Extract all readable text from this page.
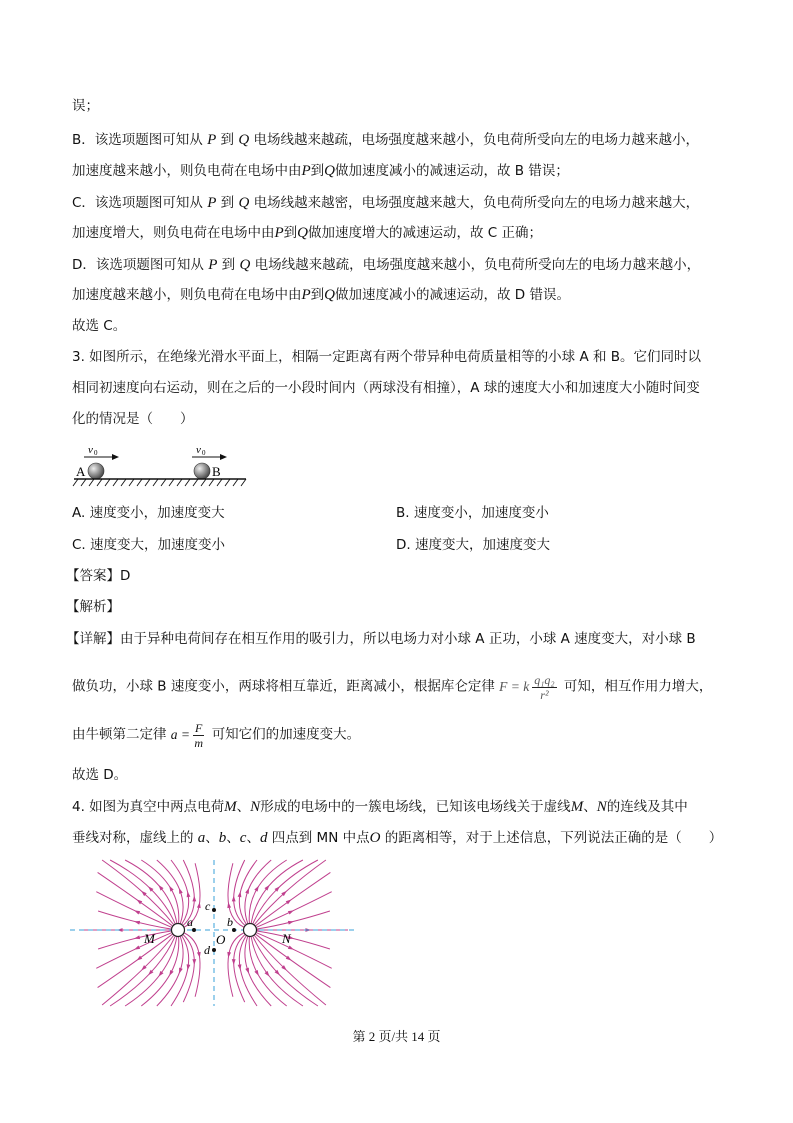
误；
B．该选项题图可知从 P 到 Q 电场线越来越疏，电场强度越来越小，负电荷所受向左的电场力越来越小，
加速度越来越小，则负电荷在电场中由P到Q做加速度减小的减速运动，故 B 错误；
C．该选项题图可知从 P 到 Q 电场线越来越密，电场强度越来越大，负电荷所受向左的电场力越来越大，
加速度增大，则负电荷在电场中由P到Q做加速度增大的减速运动，故 C 正确；
D．该选项题图可知从 P 到 Q 电场线越来越疏，电场强度越来越小，负电荷所受向左的电场力越来越小，
加速度越来越小，则负电荷在电场中由P到Q做加速度减小的减速运动，故 D 错误。
故选 C。
3. 如图所示，在绝缘光滑水平面上，相隔一定距离有两个带异种电荷质量相等的小球 A 和 B。它们同时以
相同初速度向右运动，则在之后的一小段时间内（两球没有相撞），A 球的速度大小和加速度大小随时间变
化的情况是（　　）
v 0	v 0
A	B
A. 速度变小，加速度变大	B. 速度变小，加速度变小
C. 速度变大，加速度变小	D. 速度变大，加速度变大
【答案】D
【解析】
【详解】由于异种电荷间存在相互作用的吸引力，所以电场力对小球 A 正功，小球 A 速度变大，对小球 B
做负功，小球 B 速度变小，两球将相互靠近，距离减小，根据库仑定律 F = k $\frac{\text{q₁q₂}}{\text{r²}}$ 可知，相互作用力增大，
由牛顿第二定律 $a = \frac{F}{m}$ 可知它们的加速度变大。
故选 D。
4. 如图为真空中两点电荷M、N形成的电场中的一簇电场线，已知该电场线关于虚线M、N的连线及其中
垂线对称，虚线上的 a、b、c、d 四点到 MN 中点O 的距离相等，对于上述信息，下列说法正确的是（　　）
M	N
O
a	b
c
d
第 2 页/共 14 页
